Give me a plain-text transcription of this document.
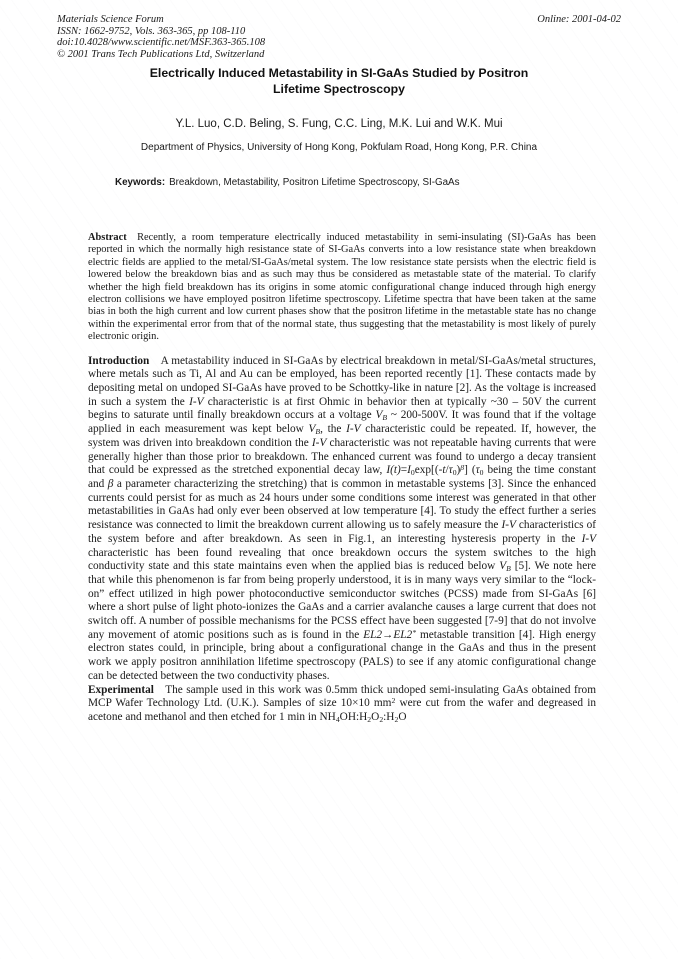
Materials Science Forum
ISSN: 1662-9752, Vols. 363-365, pp 108-110
doi:10.4028/www.scientific.net/MSF.363-365.108
© 2001 Trans Tech Publications Ltd, Switzerland
Online: 2001-04-02
Electrically Induced Metastability in SI-GaAs Studied by Positron Lifetime Spectroscopy
Y.L. Luo, C.D. Beling, S. Fung, C.C. Ling, M.K. Lui and W.K. Mui
Department of Physics, University of Hong Kong, Pokfulam Road, Hong Kong, P.R. China
Keywords: Breakdown, Metastability, Positron Lifetime Spectroscopy, SI-GaAs
Abstract Recently, a room temperature electrically induced metastability in semi-insulating (SI)-GaAs has been reported in which the normally high resistance state of SI-GaAs converts into a low resistance state when breakdown electric fields are applied to the metal/SI-GaAs/metal system. The low resistance state persists when the electric field is lowered below the breakdown bias and as such may thus be considered as metastable state of the material. To clarify whether the high field breakdown has its origins in some atomic configurational change induced through high energy electron collisions we have employed positron lifetime spectroscopy. Lifetime spectra that have been taken at the same bias in both the high current and low current phases show that the positron lifetime in the metastable state has no change within the experimental error from that of the normal state, thus suggesting that the metastability is most likely of purely electronic origin.
Introduction A metastability induced in SI-GaAs by electrical breakdown in metal/SI-GaAs/metal structures, where metals such as Ti, Al and Au can be employed, has been reported recently [1]. These contacts made by depositing metal on undoped SI-GaAs have proved to be Schottky-like in nature [2]. As the voltage is increased in such a system the I-V characteristic is at first Ohmic in behavior then at typically ~30 – 50V the current begins to saturate until finally breakdown occurs at a voltage $V_B$ ~ 200-500V. It was found that if the voltage applied in each measurement was kept below $V_B$, the I-V characteristic could be repeated. If, however, the system was driven into breakdown condition the I-V characteristic was not repeatable having currents that were generally higher than those prior to breakdown. The enhanced current was found to undergo a decay transient that could be expressed as the stretched exponential decay law, $I(t)=I_0\exp[(-t/\tau_0)^\beta]$ ($\tau_0$ being the time constant and β a parameter characterizing the stretching) that is common in metastable systems [3]. Since the enhanced currents could persist for as much as 24 hours under some conditions some interest was generated in that other metastabilities in GaAs had only ever been observed at low temperature [4]. To study the effect further a series resistance was connected to limit the breakdown current allowing us to safely measure the I-V characteristics of the system before and after breakdown. As seen in Fig.1, an interesting hysteresis property in the I-V characteristic has been found revealing that once breakdown occurs the system switches to the high conductivity state and this state maintains even when the applied bias is reduced below $V_B$ [5]. We note here that while this phenomenon is far from being properly understood, it is in many ways very similar to the “lock-on” effect utilized in high power photoconductive semiconductor switches (PCSS) made from SI-GaAs [6] where a short pulse of light photo-ionizes the GaAs and a carrier avalanche causes a large current that does not switch off. A number of possible mechanisms for the PCSS effect have been suggested [7-9] that do not involve any movement of atomic positions such as is found in the EL2→EL2* metastable transition [4]. High energy electron states could, in principle, bring about a configurational change in the GaAs and thus in the present work we apply positron annihilation lifetime spectroscopy (PALS) to see if any atomic configurational change can be detected between the two conductivity phases.
Experimental The sample used in this work was 0.5mm thick undoped semi-insulating GaAs obtained from MCP Wafer Technology Ltd. (U.K.). Samples of size 10×10 $mm^2$ were cut from the wafer and degreased in acetone and methanol and then etched for 1 min in $NH_4OH:H_2O_2:H_2O$
